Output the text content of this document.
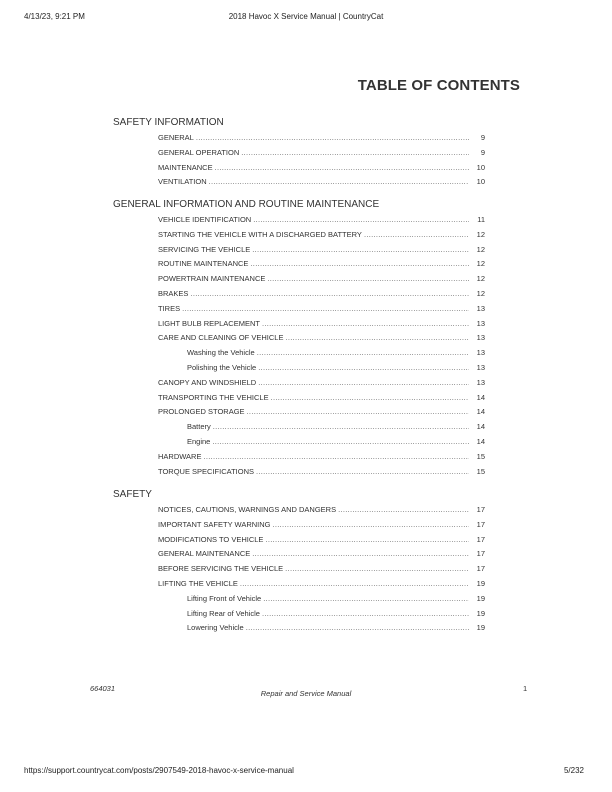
4/13/23, 9:21 PM	2018 Havoc X Service Manual | CountryCat
TABLE OF CONTENTS
SAFETY INFORMATION
GENERAL .....	9
GENERAL OPERATION .....	9
MAINTENANCE .....	10
VENTILATION .....	10
GENERAL INFORMATION AND ROUTINE MAINTENANCE
VEHICLE IDENTIFICATION .....	11
STARTING THE VEHICLE WITH A DISCHARGED BATTERY .....	12
SERVICING THE VEHICLE .....	12
ROUTINE MAINTENANCE .....	12
POWERTRAIN MAINTENANCE .....	12
BRAKES .....	12
TIRES .....	13
LIGHT BULB REPLACEMENT .....	13
CARE AND CLEANING OF VEHICLE .....	13
Washing the Vehicle .....	13
Polishing the Vehicle .....	13
CANOPY AND WINDSHIELD .....	13
TRANSPORTING THE VEHICLE .....	14
PROLONGED STORAGE .....	14
Battery .....	14
Engine .....	14
HARDWARE .....	15
TORQUE SPECIFICATIONS .....	15
SAFETY
NOTICES, CAUTIONS, WARNINGS AND DANGERS .....	17
IMPORTANT SAFETY WARNING .....	17
MODIFICATIONS TO VEHICLE .....	17
GENERAL MAINTENANCE .....	17
BEFORE SERVICING THE VEHICLE .....	17
LIFTING THE VEHICLE .....	19
Lifting Front of Vehicle .....	19
Lifting Rear of Vehicle .....	19
Lowering Vehicle .....	19
664031
Repair and Service Manual
1
https://support.countrycat.com/posts/2907549-2018-havoc-x-service-manual	5/232
